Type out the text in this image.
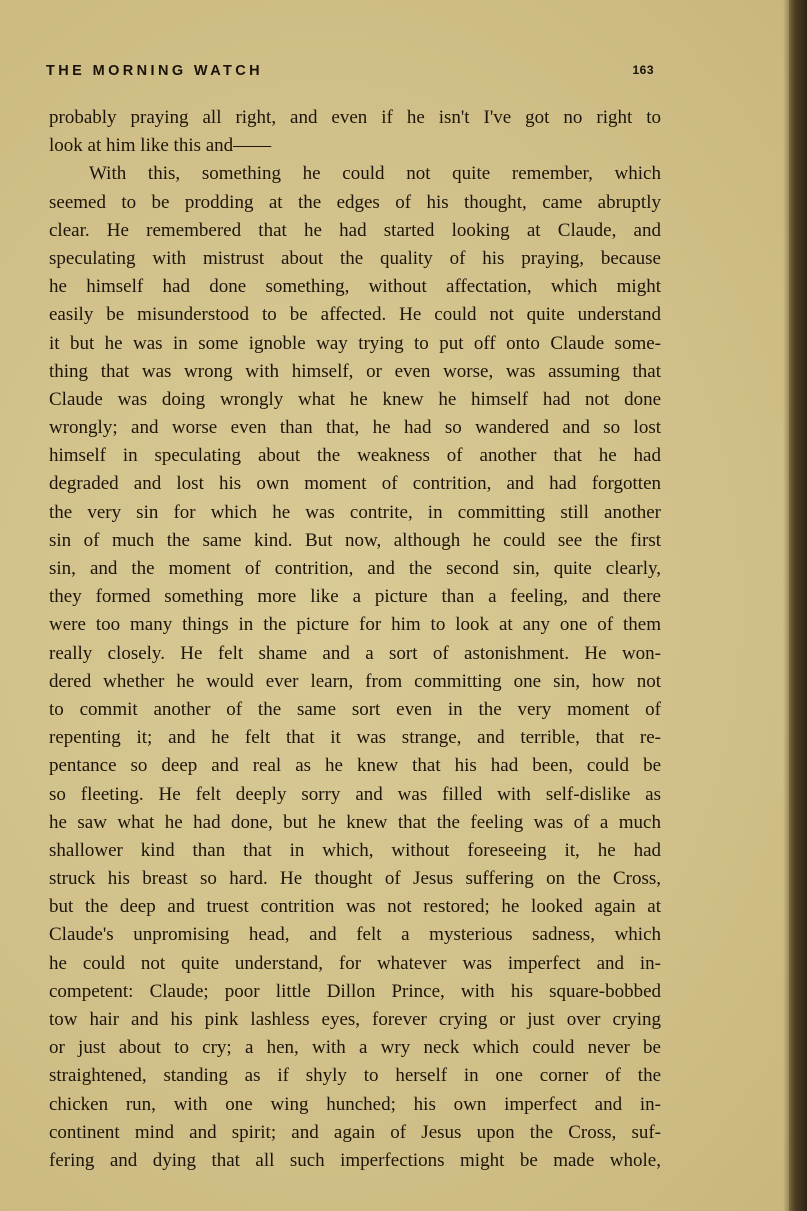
THE MORNING WATCH	163
probably praying all right, and even if he isn't I've got no right to
look at him like this and——
With this, something he could not quite remember, which
seemed to be prodding at the edges of his thought, came abruptly
clear. He remembered that he had started looking at Claude, and
speculating with mistrust about the quality of his praying, because
he himself had done something, without affectation, which might
easily be misunderstood to be affected. He could not quite understand
it but he was in some ignoble way trying to put off onto Claude some-
thing that was wrong with himself, or even worse, was assuming that
Claude was doing wrongly what he knew he himself had not done
wrongly; and worse even than that, he had so wandered and so lost
himself in speculating about the weakness of another that he had
degraded and lost his own moment of contrition, and had forgotten
the very sin for which he was contrite, in committing still another
sin of much the same kind. But now, although he could see the first
sin, and the moment of contrition, and the second sin, quite clearly,
they formed something more like a picture than a feeling, and there
were too many things in the picture for him to look at any one of them
really closely. He felt shame and a sort of astonishment. He won-
dered whether he would ever learn, from committing one sin, how not
to commit another of the same sort even in the very moment of
repenting it; and he felt that it was strange, and terrible, that re-
pentance so deep and real as he knew that his had been, could be
so fleeting. He felt deeply sorry and was filled with self-dislike as
he saw what he had done, but he knew that the feeling was of a much
shallower kind than that in which, without foreseeing it, he had
struck his breast so hard. He thought of Jesus suffering on the Cross,
but the deep and truest contrition was not restored; he looked again at
Claude's unpromising head, and felt a mysterious sadness, which
he could not quite understand, for whatever was imperfect and in-
competent: Claude; poor little Dillon Prince, with his square-bobbed
tow hair and his pink lashless eyes, forever crying or just over crying
or just about to cry; a hen, with a wry neck which could never be
straightened, standing as if shyly to herself in one corner of the
chicken run, with one wing hunched; his own imperfect and in-
continent mind and spirit; and again of Jesus upon the Cross, suf-
fering and dying that all such imperfections might be made whole,
